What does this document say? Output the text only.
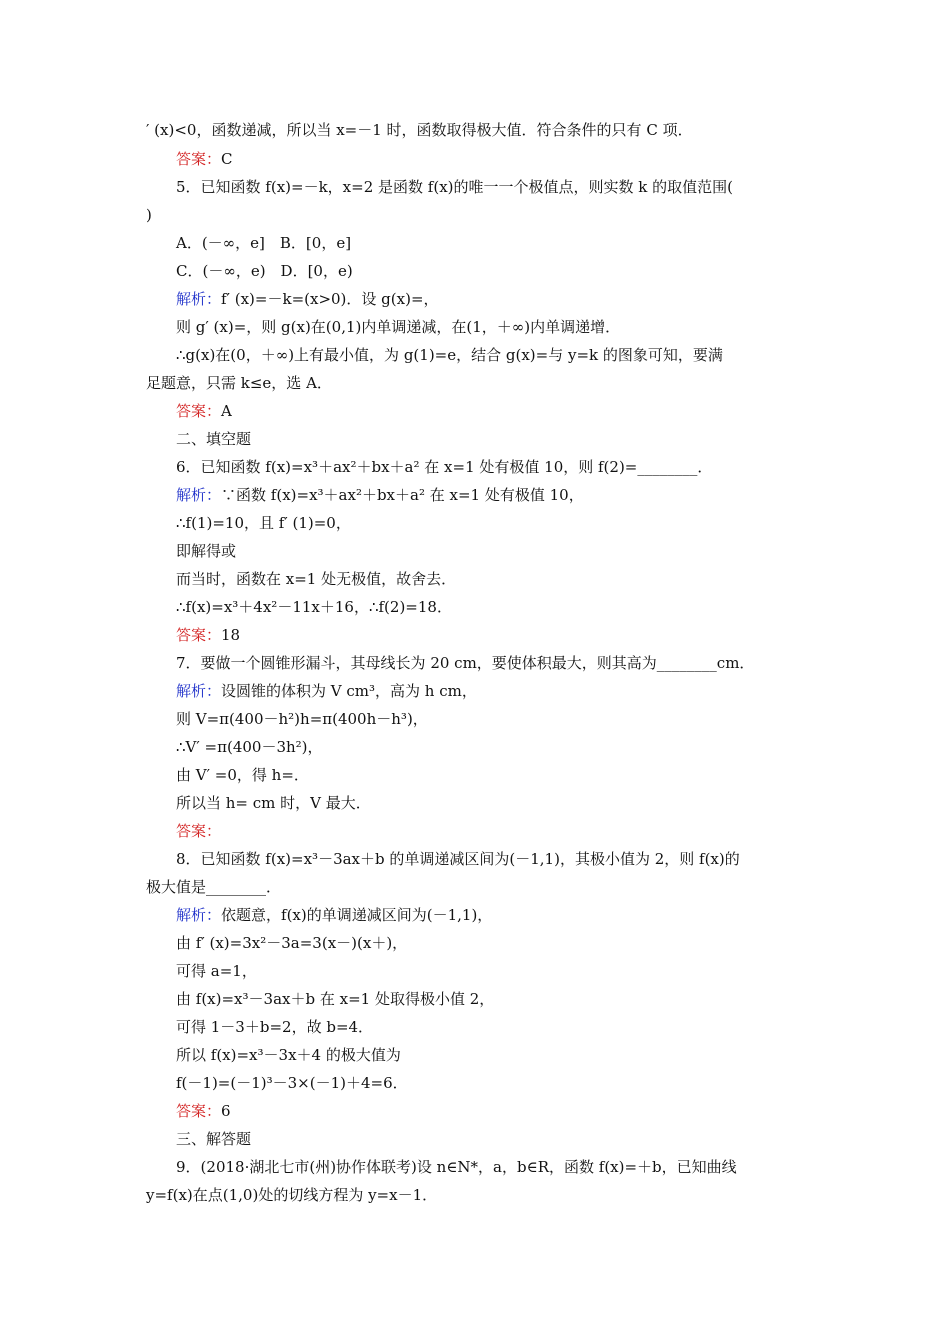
′ (x)<0，函数递减，所以当 x=－1 时，函数取得极大值．符合条件的只有 C 项．
答案：C
5．已知函数 f(x)=－k，x=2 是函数 f(x)的唯一一个极值点，则实数 k 的取值范围(
)
A．(－∞，e]　B．[0，e]
C．(－∞，e)　D．[0，e)
解析：f′ (x)=－k=(x>0)．设 g(x)=，
则 g′ (x)=，则 g(x)在(0,1)内单调递减，在(1，＋∞)内单调递增．
∴g(x)在(0，＋∞)上有最小值，为 g(1)=e，结合 g(x)=与 y=k 的图象可知，要满
足题意，只需 k≤e，选 A．
答案：A
二、填空题
6．已知函数 f(x)=x³＋ax²＋bx＋a² 在 x=1 处有极值 10，则 f(2)=________．
解析：∵函数 f(x)=x³＋ax²＋bx＋a² 在 x=1 处有极值 10，
∴f(1)=10，且 f′ (1)=0，
即解得或
而当时，函数在 x=1 处无极值，故舍去．
∴f(x)=x³＋4x²－11x＋16，∴f(2)=18．
答案：18
7．要做一个圆锥形漏斗，其母线长为 20 cm，要使体积最大，则其高为________cm．
解析：设圆锥的体积为 V cm³，高为 h cm，
则 V=π(400－h²)h=π(400h－h³)，
∴V′ =π(400－3h²)，
由 V′ =0，得 h=．
所以当 h= cm 时，V 最大．
答案：
8．已知函数 f(x)=x³－3ax＋b 的单调递减区间为(－1,1)，其极小值为 2，则 f(x)的
极大值是________．
解析：依题意，f(x)的单调递减区间为(－1,1)，
由 f′ (x)=3x²－3a=3(x－)(x＋)，
可得 a=1，
由 f(x)=x³－3ax＋b 在 x=1 处取得极小值 2，
可得 1－3＋b=2，故 b=4．
所以 f(x)=x³－3x＋4 的极大值为
f(－1)=(－1)³－3×(－1)＋4=6．
答案：6
三、解答题
9．(2018·湖北七市(州)协作体联考)设 n∈N*，a，b∈R，函数 f(x)=＋b，已知曲线
y=f(x)在点(1,0)处的切线方程为 y=x－1．
